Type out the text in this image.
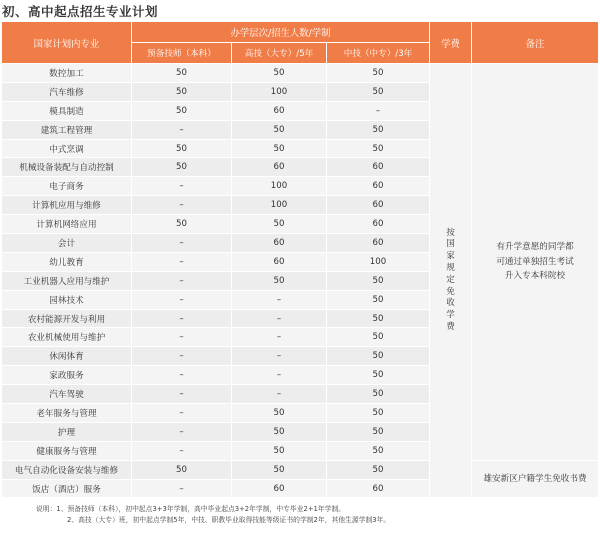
初、高中起点招生专业计划
国家计划内专业	办学层次/招生人数/学制			学费	备注
	预备技师（本科）	高技（大专）/5年	中技（中专）/3年		
数控加工	50	50	50	按国家规定免收学费	有升学意愿的同学都可通过单独招生考试升入专本科院校
汽车维修	50	100	50		
模具制造	50	60	–		
建筑工程管理	–	50	50		
中式烹调	50	50	50		
机械设备装配与自动控制	50	60	60		
电子商务	–	100	60		
计算机应用与维修	–	100	60		
计算机网络应用	50	50	60		
会计	–	60	60		
幼儿教育	–	60	100		
工业机器人应用与维护	–	50	50		
园林技术	–	–	50		
农村能源开发与利用	–	–	50		
农业机械使用与维护	–	–	50		
休闲体育	–	–	50		
家政服务	–	–	50		
汽车驾驶	–	–	50		
老年服务与管理	–	50	50		
护理	–	50	50		
健康服务与管理	–	50	50		
电气自动化设备安装与维修	50	50	50		雄安新区户籍学生免收书费
饭店（酒店）服务	–	60	60		
说明：1、预备技师（本科），初中起点3+3年学制，高中毕业起点3+2年学制，中专毕业2+1年学制。
2、高技（大专）班，初中起点学制5年，中技、职教毕业取得技能等级证书的学制2年，其他生源学制3年。
